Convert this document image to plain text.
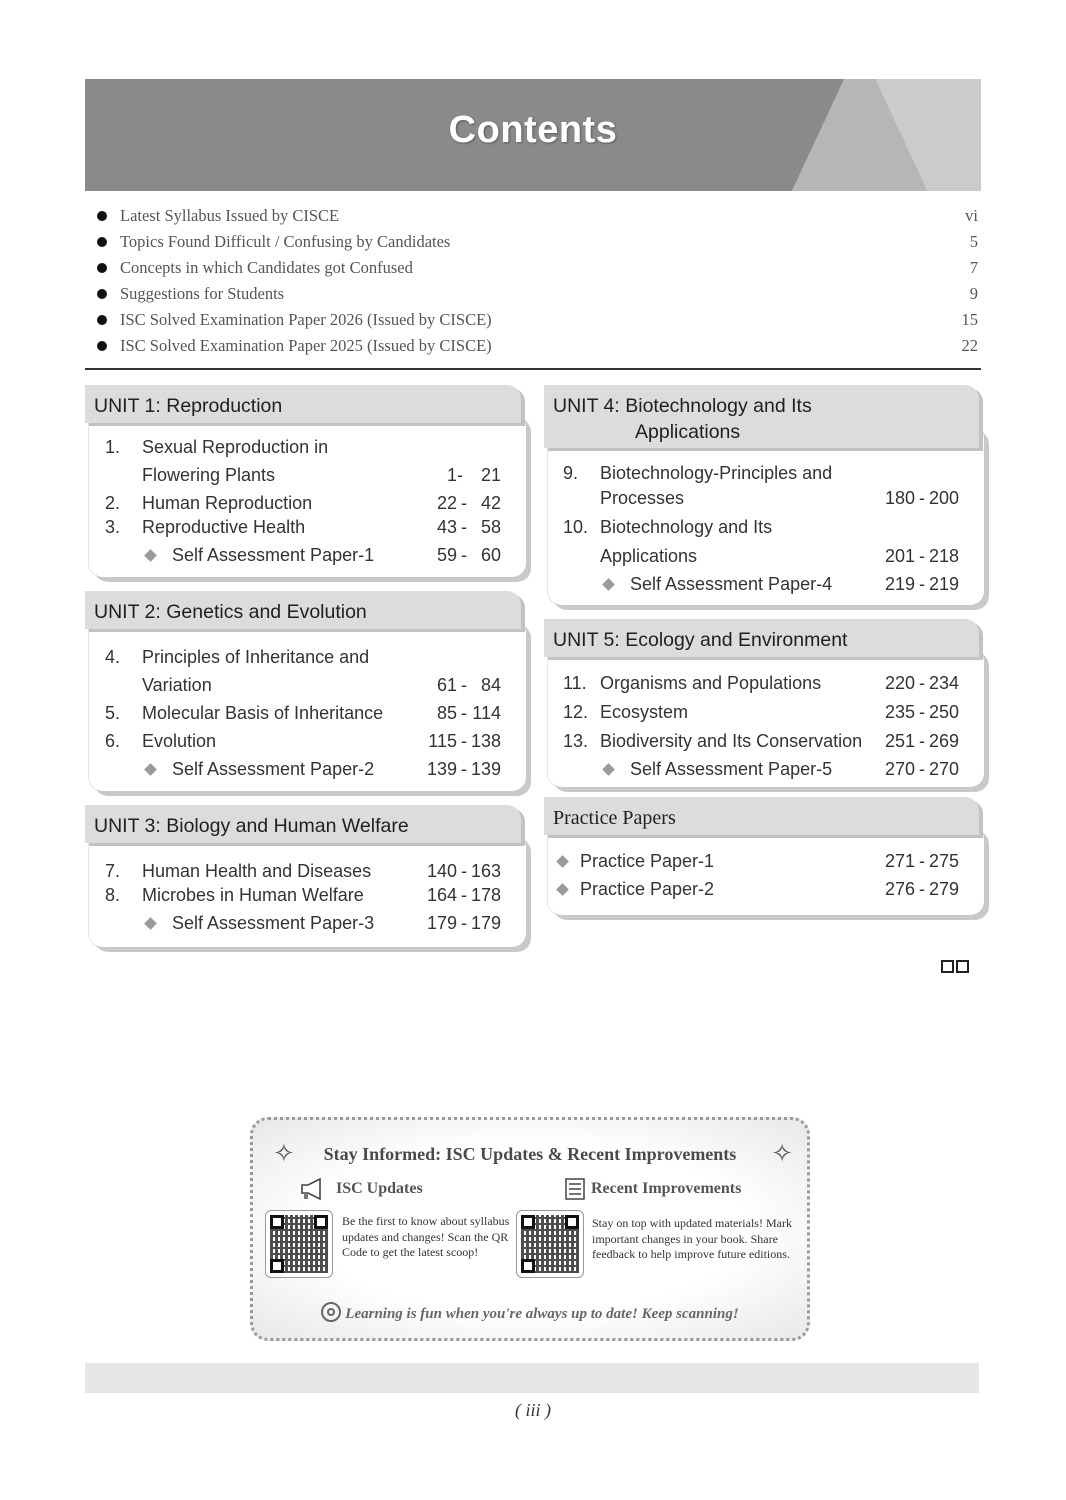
Contents
Latest Syllabus Issued by CISCE	vi
Topics Found Difficult / Confusing by Candidates	5
Concepts in which Candidates got Confused	7
Suggestions for Students	9
ISC Solved Examination Paper 2026 (Issued by CISCE)	15
ISC Solved Examination Paper 2025 (Issued by CISCE)	22
UNIT 1: Reproduction
1. Sexual Reproduction in
Flowering Plants	1 - 21
2. Human Reproduction	22 - 42
3. Reproductive Health	43 - 58
Self Assessment Paper-1	59 - 60
UNIT 2: Genetics and Evolution
4. Principles of Inheritance and
Variation	61 - 84
5. Molecular Basis of Inheritance	85 - 114
6. Evolution	115 - 138
Self Assessment Paper-2	139 - 139
UNIT 3: Biology and Human Welfare
7. Human Health and Diseases	140 - 163
8. Microbes in Human Welfare	164 - 178
Self Assessment Paper-3	179 - 179
UNIT 4: Biotechnology and Its
Applications
9. Biotechnology-Principles and
Processes	180 - 200
10. Biotechnology and Its
Applications	201 - 218
Self Assessment Paper-4	219 - 219
UNIT 5: Ecology and Environment
11. Organisms and Populations	220 - 234
12. Ecosystem	235 - 250
13. Biodiversity and Its Conservation	251 - 269
Self Assessment Paper-5	270 - 270
Practice Papers
Practice Paper-1	271 - 275
Practice Paper-2	276 - 279
✧	✧
Stay Informed: ISC Updates & Recent Improvements
ISC Updates	Recent Improvements
Be the first to know about syllabus updates and changes! Scan the QR Code to get the latest scoop!
Stay on top with updated materials! Mark important changes in your book. Share feedback to help improve future editions.
Learning is fun when you're always up to date! Keep scanning!
( iii )
